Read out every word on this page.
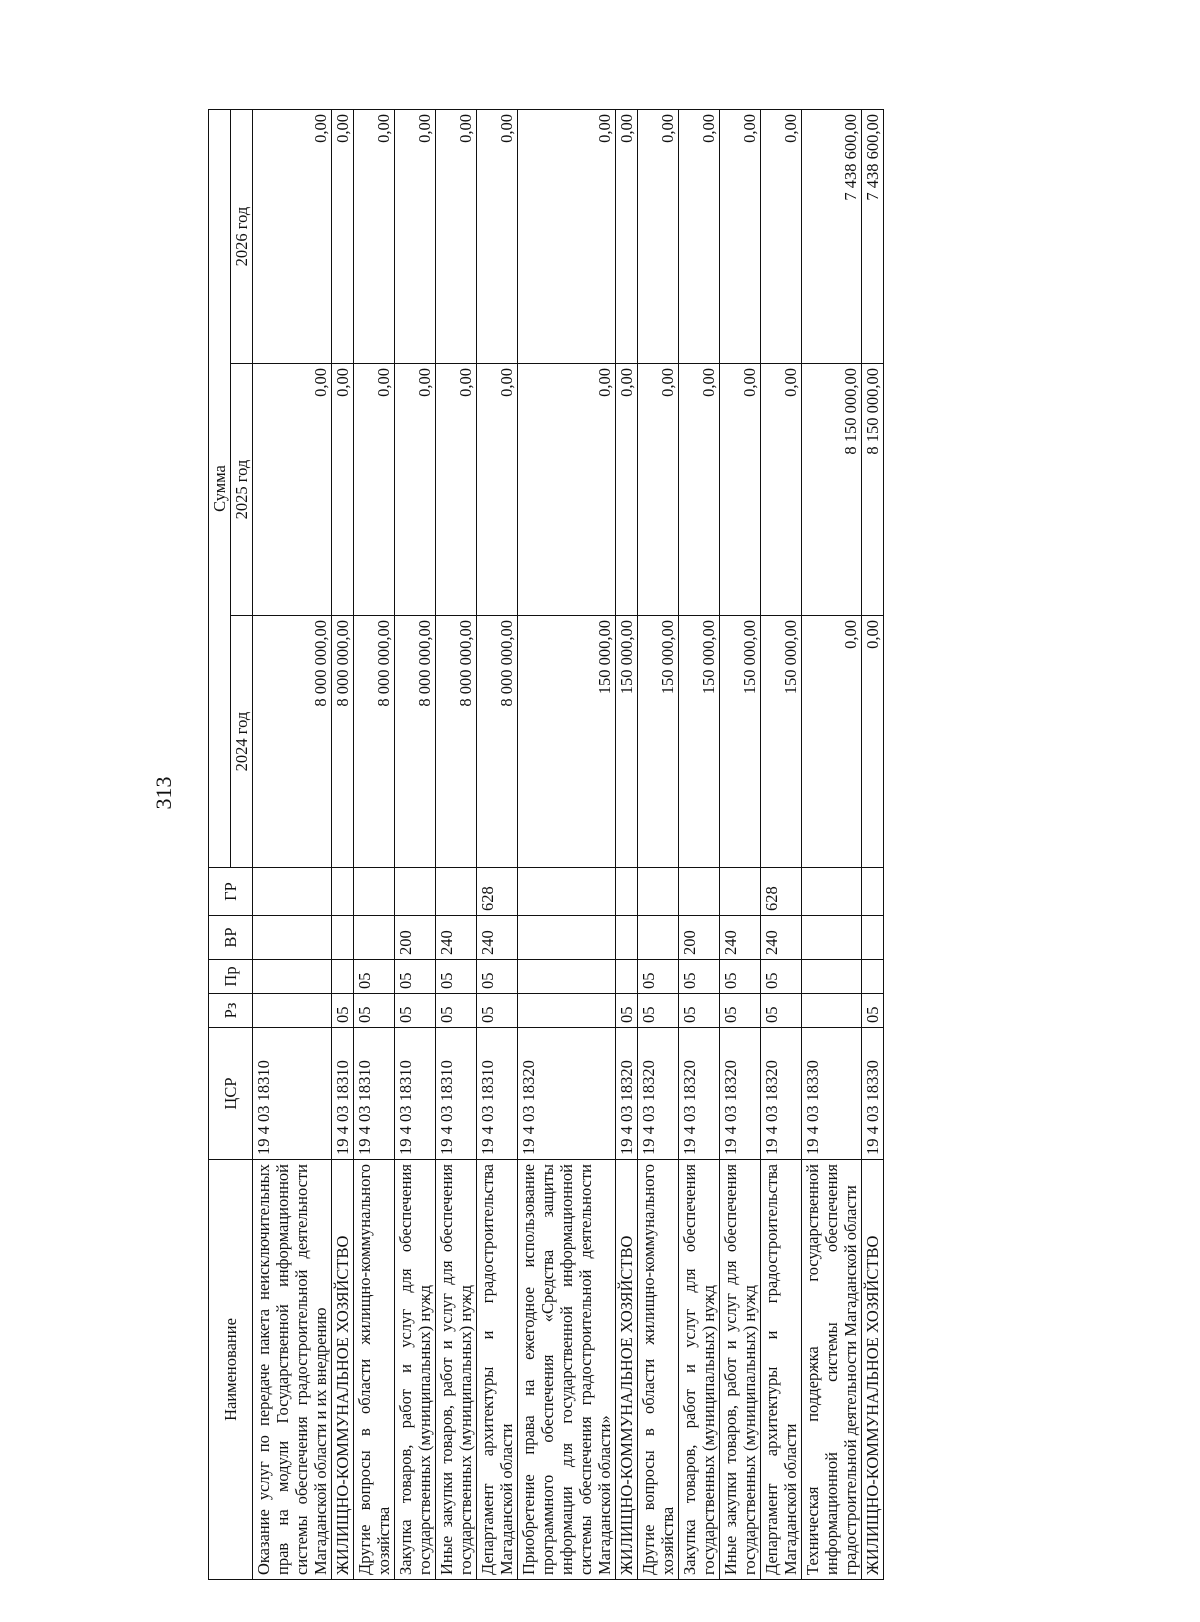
313
Наименование	ЦСР	Рз	Пр	ВР	ГР	Сумма		
						2024 год	2025 год	2026 год
Оказание услуг по передаче пакета неисключительных прав на модули Государственной информационной системы обеспечения градостроительной деятельности Магаданской области и их внедрению	19 4 03 18310					8 000 000,00	0,00	0,00
ЖИЛИЩНО-КОММУНАЛЬНОЕ ХОЗЯЙСТВО	19 4 03 18310	05				8 000 000,00	0,00	0,00
Другие вопросы в области жилищно-коммунального хозяйства	19 4 03 18310	05	05			8 000 000,00	0,00	0,00
Закупка товаров, работ и услуг для обеспечения государственных (муниципальных) нужд	19 4 03 18310	05	05	200		8 000 000,00	0,00	0,00
Иные закупки товаров, работ и услуг для обеспечения государственных (муниципальных) нужд	19 4 03 18310	05	05	240		8 000 000,00	0,00	0,00
Департамент архитектуры и градостроительства Магаданской области	19 4 03 18310	05	05	240	628	8 000 000,00	0,00	0,00
Приобретение права на ежегодное использование программного обеспечения «Средства защиты информации для государственной информационной системы обеспечения градостроительной деятельности Магаданской области»	19 4 03 18320					150 000,00	0,00	0,00
ЖИЛИЩНО-КОММУНАЛЬНОЕ ХОЗЯЙСТВО	19 4 03 18320	05				150 000,00	0,00	0,00
Другие вопросы в области жилищно-коммунального хозяйства	19 4 03 18320	05	05			150 000,00	0,00	0,00
Закупка товаров, работ и услуг для обеспечения государственных (муниципальных) нужд	19 4 03 18320	05	05	200		150 000,00	0,00	0,00
Иные закупки товаров, работ и услуг для обеспечения государственных (муниципальных) нужд	19 4 03 18320	05	05	240		150 000,00	0,00	0,00
Департамент архитектуры и градостроительства Магаданской области	19 4 03 18320	05	05	240	628	150 000,00	0,00	0,00
Техническая поддержка государственной информационной системы обеспечения градостроительной деятельности Магаданской области	19 4 03 18330					0,00	8 150 000,00	7 438 600,00
ЖИЛИЩНО-КОММУНАЛЬНОЕ ХОЗЯЙСТВО	19 4 03 18330	05				0,00	8 150 000,00	7 438 600,00
